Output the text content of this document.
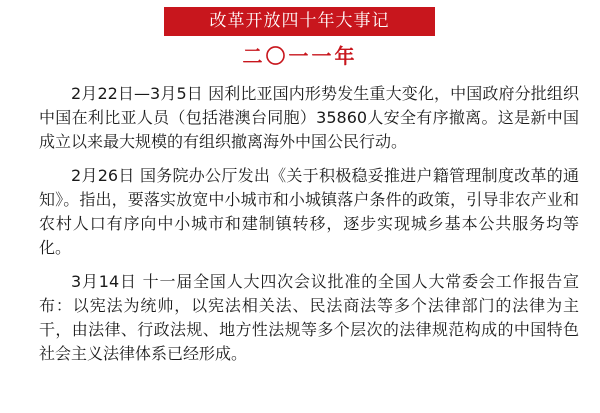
改革开放四十年大事记
二〇一一年

2月22日—3月5日 因利比亚国内形势发生重大变化，中国政府分批组织中国在利比亚人员（包括港澳台同胞）35860人安全有序撤离。这是新中国成立以来最大规模的有组织撤离海外中国公民行动。

2月26日 国务院办公厅发出《关于积极稳妥推进户籍管理制度改革的通知》。指出，要落实放宽中小城市和小城镇落户条件的政策，引导非农产业和农村人口有序向中小城市和建制镇转移，逐步实现城乡基本公共服务均等化。

3月14日 十一届全国人大四次会议批准的全国人大常委会工作报告宣布：以宪法为统帅，以宪法相关法、民法商法等多个法律部门的法律为主干，由法律、行政法规、地方性法规等多个层次的法律规范构成的中国特色社会主义法律体系已经形成。
